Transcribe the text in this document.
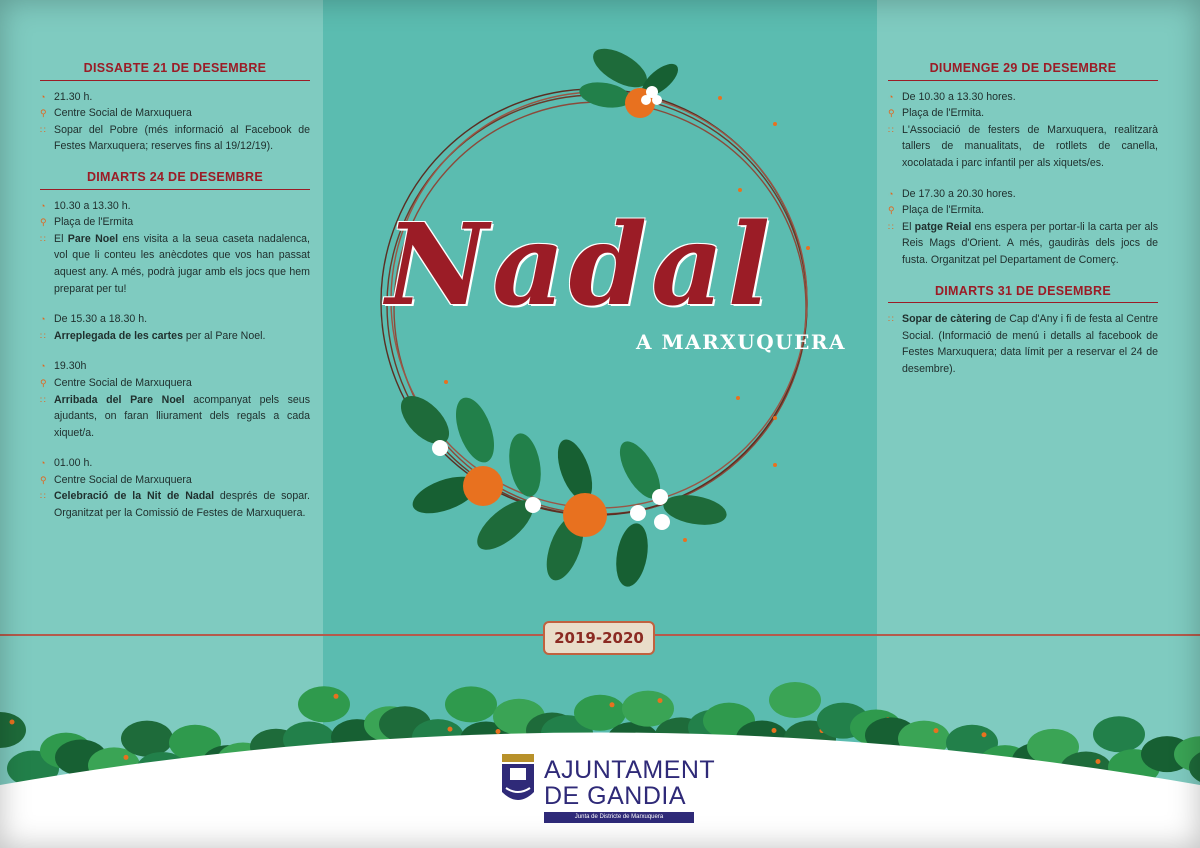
Nadal
A MARXUQUERA
2019-2020
DISSABTE 21 DE DESEMBRE
◔ 21.30 h.
⚲ Centre Social de Marxuquera
∷ Sopar del Pobre (més informació al Facebook de Festes Marxuquera; reserves fins al 19/12/19).
DIMARTS 24 DE DESEMBRE
◔ 10.30 a 13.30 h.
⚲ Plaça de l'Ermita
∷ El Pare Noel ens visita a la seua caseta nadalenca, vol que li conteu les anècdotes que vos han passat aquest any. A més, podrà jugar amb els jocs que hem preparat per tu!
◔ De 15.30 a 18.30 h.
∷ Arreplegada de les cartes per al Pare Noel.
◔ 19.30h
⚲ Centre Social de Marxuquera
∷ Arribada del Pare Noel acompanyat pels seus ajudants, on faran lliurament dels regals a cada xiquet/a.
◔ 01.00 h.
⚲ Centre Social de Marxuquera
∷ Celebració de la Nit de Nadal després de sopar. Organitzat per la Comissió de Festes de Marxuquera.
DIUMENGE 29 DE DESEMBRE
◔ De 10.30 a 13.30 hores.
⚲ Plaça de l'Ermita.
∷ L'Associació de festers de Marxuquera, realitzarà tallers de manualitats, de rotllets de canella, xocolatada i parc infantil per als xiquets/es.
◔ De 17.30 a 20.30 hores.
⚲ Plaça de l'Ermita.
∷ El patge Reial ens espera per portar-li la carta per als Reis Mags d'Orient. A més, gaudiràs dels jocs de fusta. Organitzat pel Departament de Comerç.
DIMARTS 31 DE DESEMBRE
∷ Sopar de càtering de Cap d'Any i fi de festa al Centre Social. (Informació de menú i detalls al facebook de Festes Marxuquera; data límit per a reservar el 24 de desembre).
AJUNTAMENT
DE GANDIA
Junta de Districte de Marxuquera
